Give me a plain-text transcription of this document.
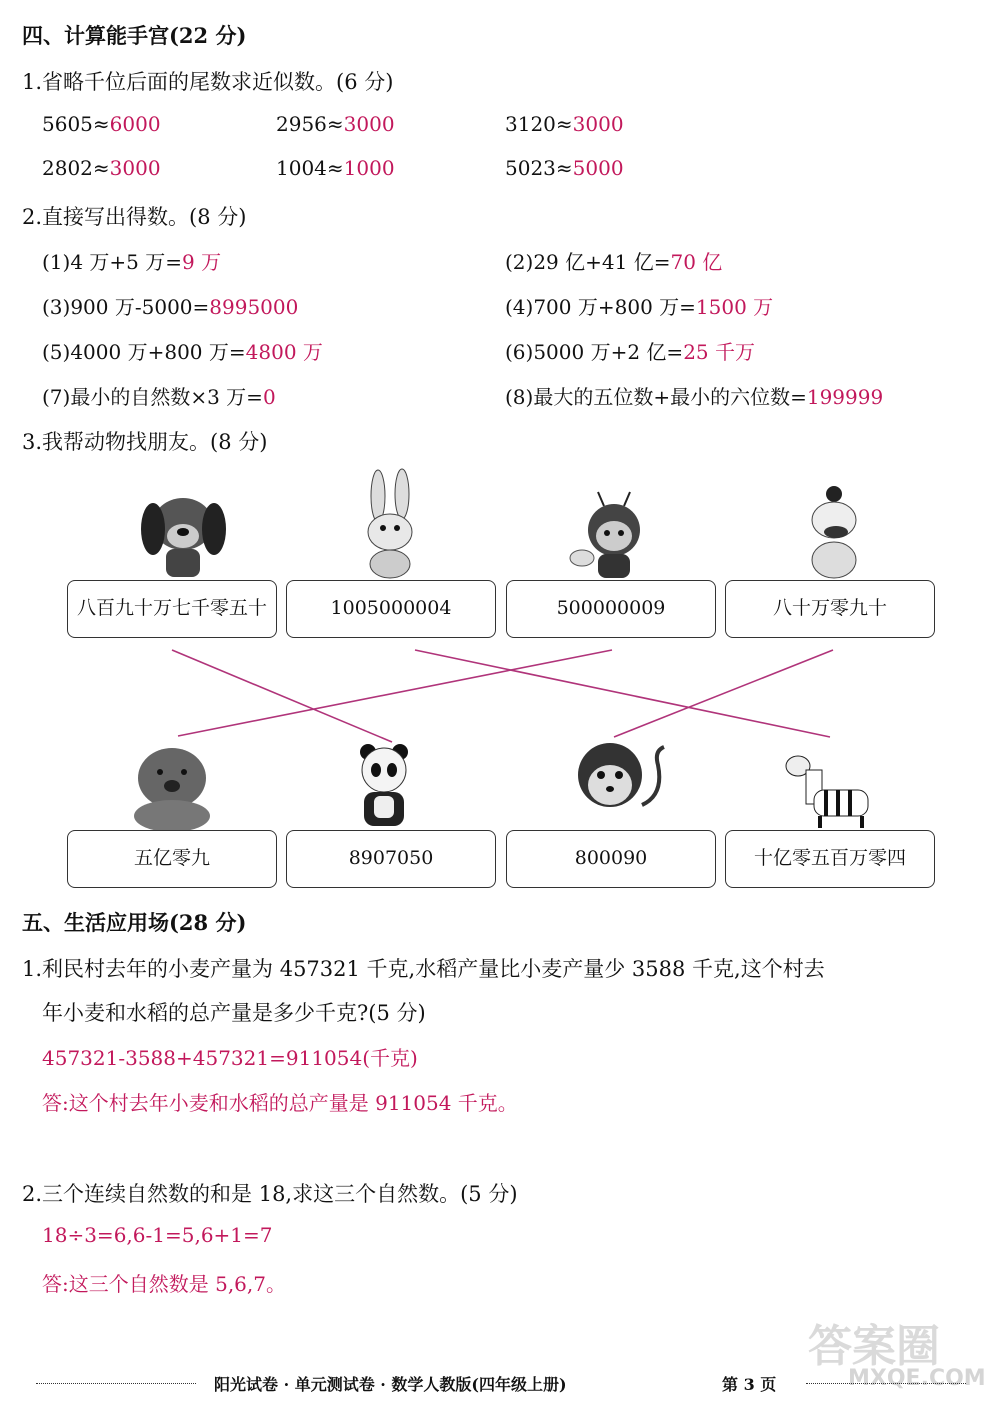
四、计算能手宫(22 分)
1.省略千位后面的尾数求近似数。(6 分)
5605≈6000	2956≈3000	3120≈3000
2802≈3000	1004≈1000	5023≈5000
2.直接写出得数。(8 分)
(1)4 万+5 万=9 万	(2)29 亿+41 亿=70 亿
(3)900 万-5000=8995000	(4)700 万+800 万=1500 万
(5)4000 万+800 万=4800 万	(6)5000 万+2 亿=25 千万
(7)最小的自然数×3 万=0	(8)最大的五位数+最小的六位数=199999
3.我帮动物找朋友。(8 分)
八百九十万七千零五十	1005000004	500000009	八十万零九十
五亿零九	8907050	800090	十亿零五百万零四
五、生活应用场(28 分)
1.利民村去年的小麦产量为 457321 千克,水稻产量比小麦产量少 3588 千克,这个村去
年小麦和水稻的总产量是多少千克?(5 分)
457321-3588+457321=911054(千克)
答:这个村去年小麦和水稻的总产量是 911054 千克。
2.三个连续自然数的和是 18,求这三个自然数。(5 分)
18÷3=6,6-1=5,6+1=7
答:这三个自然数是 5,6,7。
答案圈
MXQE.COM
阳光试卷 · 单元测试卷 · 数学人教版(四年级上册)	第 3 页
